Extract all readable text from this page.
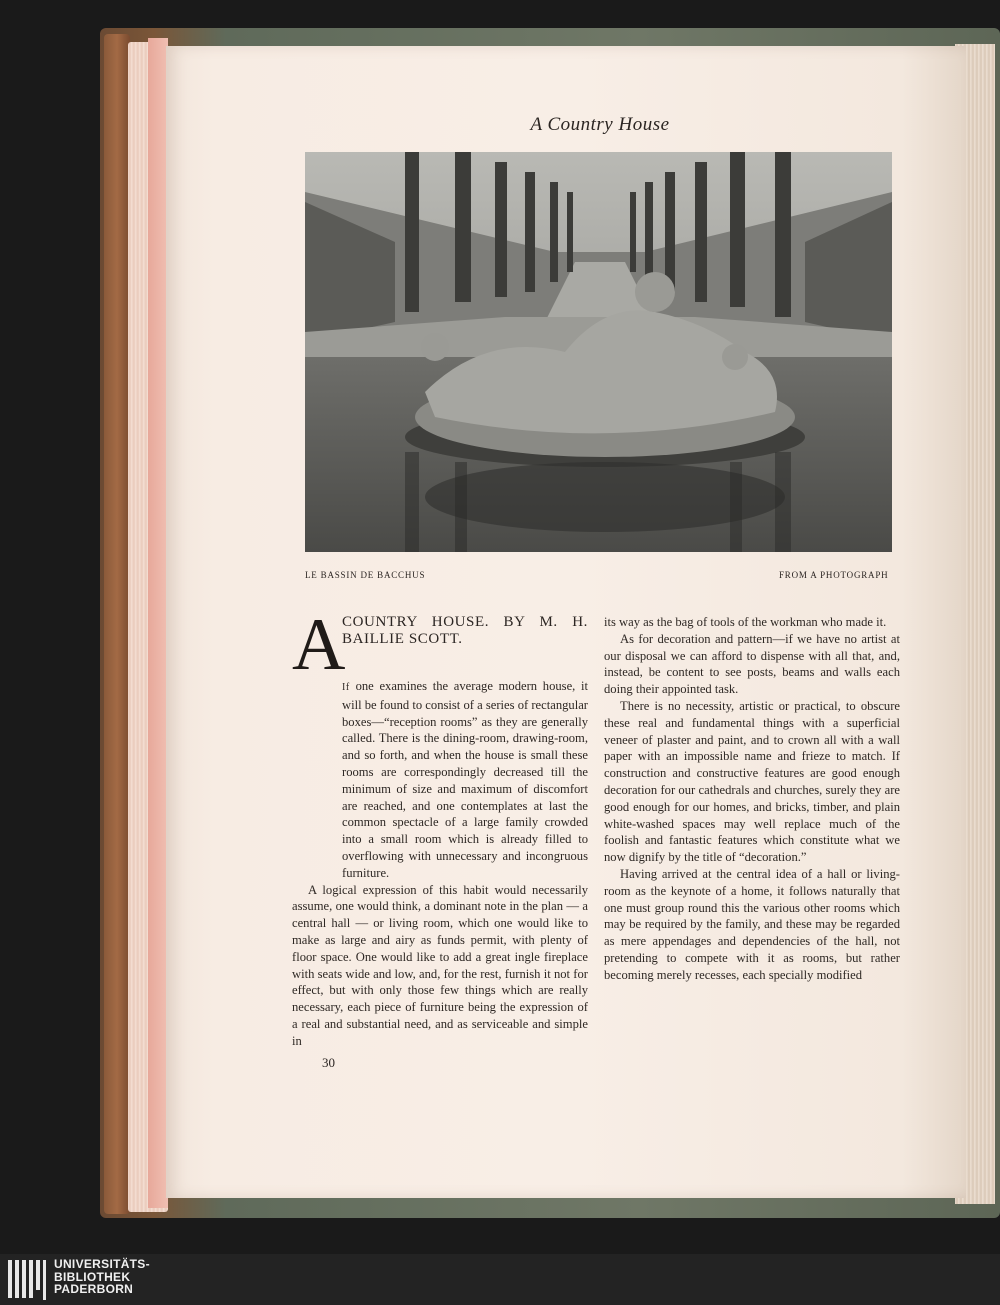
A Country House
LE BASSIN DE BACCHUS	FROM A PHOTOGRAPH
A
COUNTRY HOUSE. BY M. H. BAILLIE SCOTT.

If one examines the average modern house, it will be found to consist of a series of rectangular boxes—“reception rooms” as they are generally called. There is the dining-room, drawing-room, and so forth, and when the house is small these rooms are correspondingly decreased till the minimum of size and maximum of discomfort are reached, and one contemplates at last the common spectacle of a large family crowded into a small room which is already filled to overflowing with unnecessary and incongruous furniture.

A logical expression of this habit would necessarily assume, one would think, a dominant note in the plan — a central hall — or living room, which one would like to make as large and airy as funds permit, with plenty of floor space. One would like to add a great ingle fireplace with seats wide and low, and, for the rest, furnish it not for effect, but with only those few things which are really necessary, each piece of furniture being the expression of a real and substantial need, and as serviceable and simple in

its way as the bag of tools of the workman who made it.

As for decoration and pattern—if we have no artist at our disposal we can afford to dispense with all that, and, instead, be content to see posts, beams and walls each doing their appointed task.

There is no necessity, artistic or practical, to obscure these real and fundamental things with a superficial veneer of plaster and paint, and to crown all with a wall paper with an impossible name and frieze to match. If construction and constructive features are good enough decoration for our cathedrals and churches, surely they are good enough for our homes, and bricks, timber, and plain white-washed spaces may well replace much of the foolish and fantastic features which constitute what we now dignify by the title of “decoration.”

Having arrived at the central idea of a hall or living-room as the keynote of a home, it follows naturally that one must group round this the various other rooms which may be required by the family, and these may be regarded as mere appendages and dependencies of the hall, not pretending to compete with it as rooms, but rather becoming merely recesses, each specially modified

30
UNIVERSITÄTS-
BIBLIOTHEK
PADERBORN
